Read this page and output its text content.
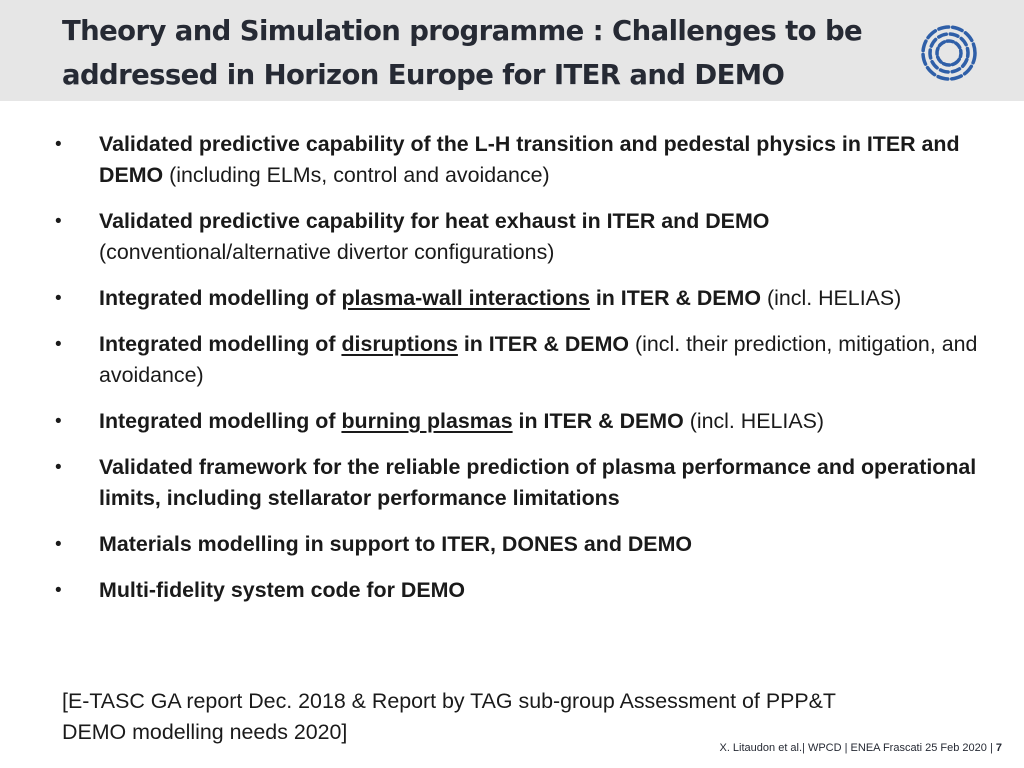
Theory and Simulation programme : Challenges to be
addressed in Horizon Europe for ITER and DEMO
• Validated predictive capability of the L-H transition and pedestal physics in ITER and DEMO (including ELMs, control and avoidance)
• Validated predictive capability for heat exhaust in ITER and DEMO (conventional/alternative divertor configurations)
• Integrated modelling of plasma-wall interactions in ITER & DEMO (incl. HELIAS)
• Integrated modelling of disruptions in ITER & DEMO (incl. their prediction, mitigation, and avoidance)
• Integrated modelling of burning plasmas in ITER & DEMO (incl. HELIAS)
• Validated framework for the reliable prediction of plasma performance and operational limits, including stellarator performance limitations
• Materials modelling in support to ITER, DONES and DEMO
• Multi-fidelity system code for DEMO
[E-TASC GA report Dec. 2018 & Report by TAG sub-group Assessment of PPP&T
DEMO modelling needs 2020]
X. Litaudon et al.| WPCD | ENEA Frascati 25 Feb 2020 | 7
